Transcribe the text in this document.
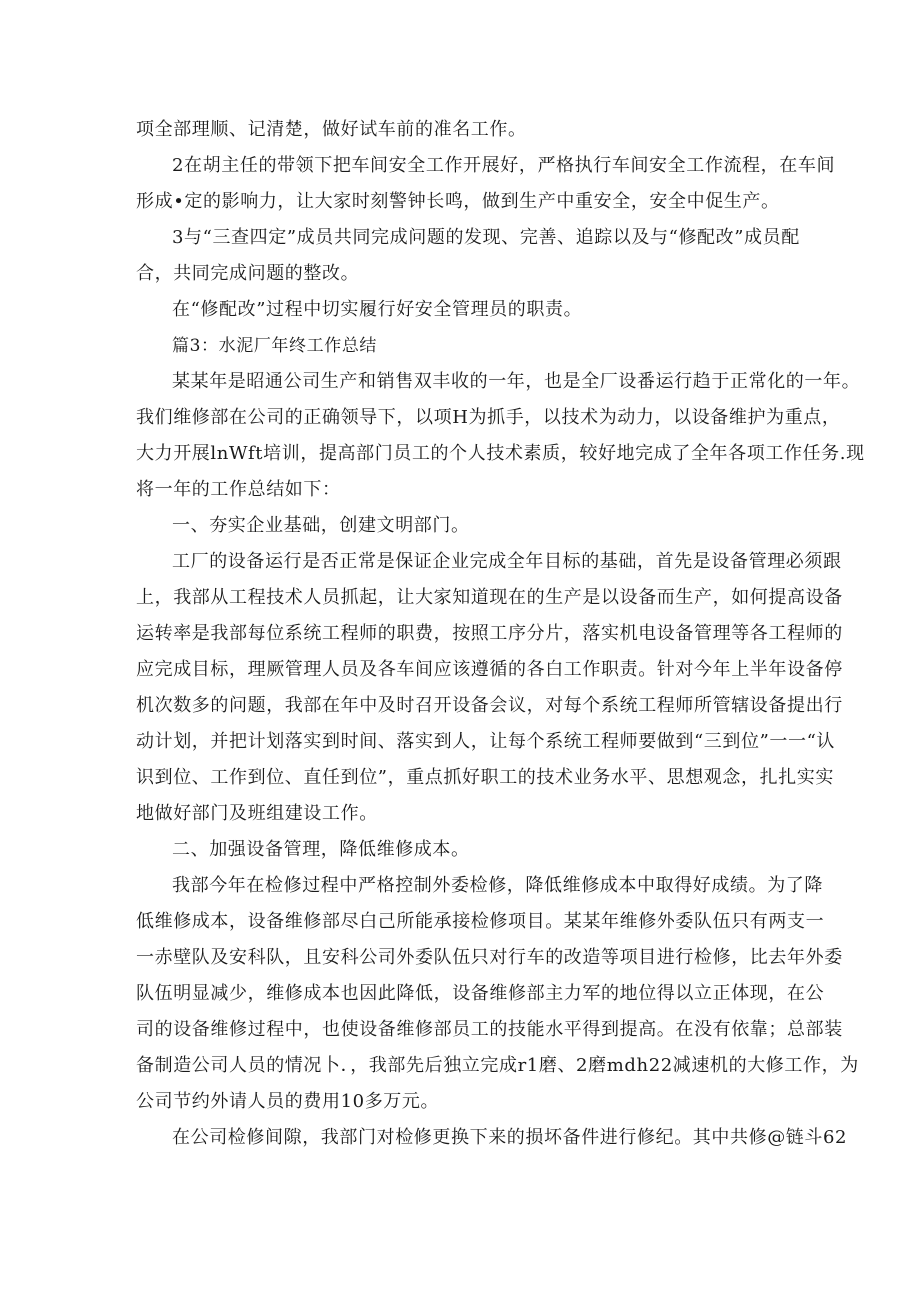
项全部理顺、记清楚，做好试车前的准名工作。
2在胡主任的带领下把车间安全工作开展好，严格执行车间安全工作流程，在车间
形成•定的影响力，让大家时刻警钟长鸣，做到生产中重安全，安全中促生产。
3与“三查四定”成员共同完成问题的发现、完善、追踪以及与“修配改”成员配
合，共同完成问题的整改。
在“修配改”过程中切实履行好安全管理员的职责。
篇3：水泥厂年终工作总结
某某年是昭通公司生产和销售双丰收的一年，也是全厂设番运行趋于正常化的一年。
我们维修部在公司的正确领导下，以项H为抓手，以技术为动力，以设备维护为重点，
大力开展lnWft培训，提高部门员工的个人技术素质，较好地完成了全年各项工作任务.现
将一年的工作总结如下：
一、夯实企业基础，创建文明部门。
工厂的设备运行是否正常是保证企业完成全年目标的基础，首先是设备管理必须跟
上，我部从工程技术人员抓起，让大家知道现在的生产是以设备而生产，如何提高设备
运转率是我部每位系统工程师的职费，按照工序分片，落实机电设备管理等各工程师的
应完成目标，理厥管理人员及各车间应该遵循的各白工作职责。针对今年上半年设备停
机次数多的问题，我部在年中及时召开设备会议，对每个系统工程师所管辖设备提出行
动计划，并把计划落实到时间、落实到人，让每个系统工程师要做到“三到位”一一“认
识到位、工作到位、直任到位”，重点抓好职工的技术业务水平、思想观念，扎扎实实
地做好部门及班组建设工作。
二、加强设备管理，降低维修成本。
我部今年在检修过程中严格控制外委检修，降低维修成本中取得好成绩。为了降
低维修成本，设备维修部尽白己所能承接检修项目。某某年维修外委队伍只有两支一
一赤壁队及安科队，且安科公司外委队伍只对行车的改造等项目进行检修，比去年外委
队伍明显减少，维修成本也因此降低，设备维修部主力军的地位得以立正体现，在公
司的设备维修过程中，也使设备维修部员工的技能水平得到提高。在没有依靠；总部装
备制造公司人员的情况卜．，我部先后独立完成r1磨、2磨mdh22减速机的大修工作，为
公司节约外请人员的费用10多万元。
在公司检修间隙，我部门对检修更换下来的损坏备件进行修纪。其中共修@链斗62
